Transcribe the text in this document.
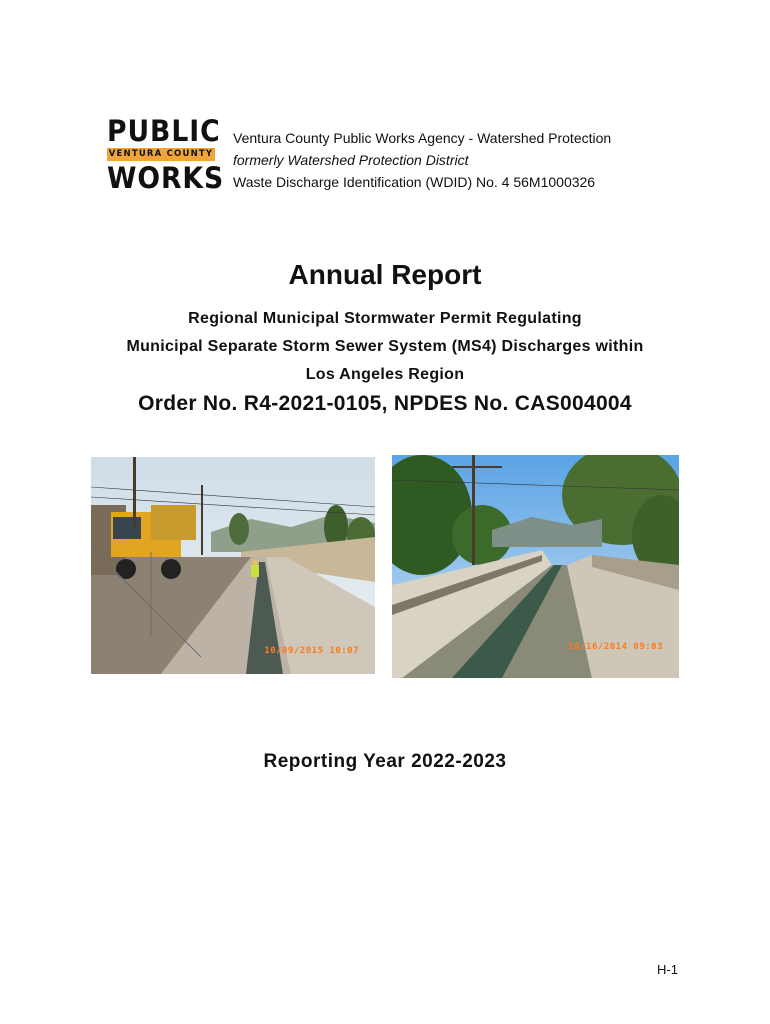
PUBLIC
VENTURA COUNTY
WORKS
Ventura County Public Works Agency - Watershed Protection
formerly Watershed Protection District
Waste Discharge Identification (WDID) No. 4 56M1000326
Annual Report
Regional Municipal Stormwater Permit Regulating
Municipal Separate Storm Sewer System (MS4) Discharges within
Los Angeles Region
Order No. R4-2021-0105, NPDES No. CAS004004
10/09/2015 10:07	10/16/2014 09:03
Reporting Year 2022-2023
H-1
